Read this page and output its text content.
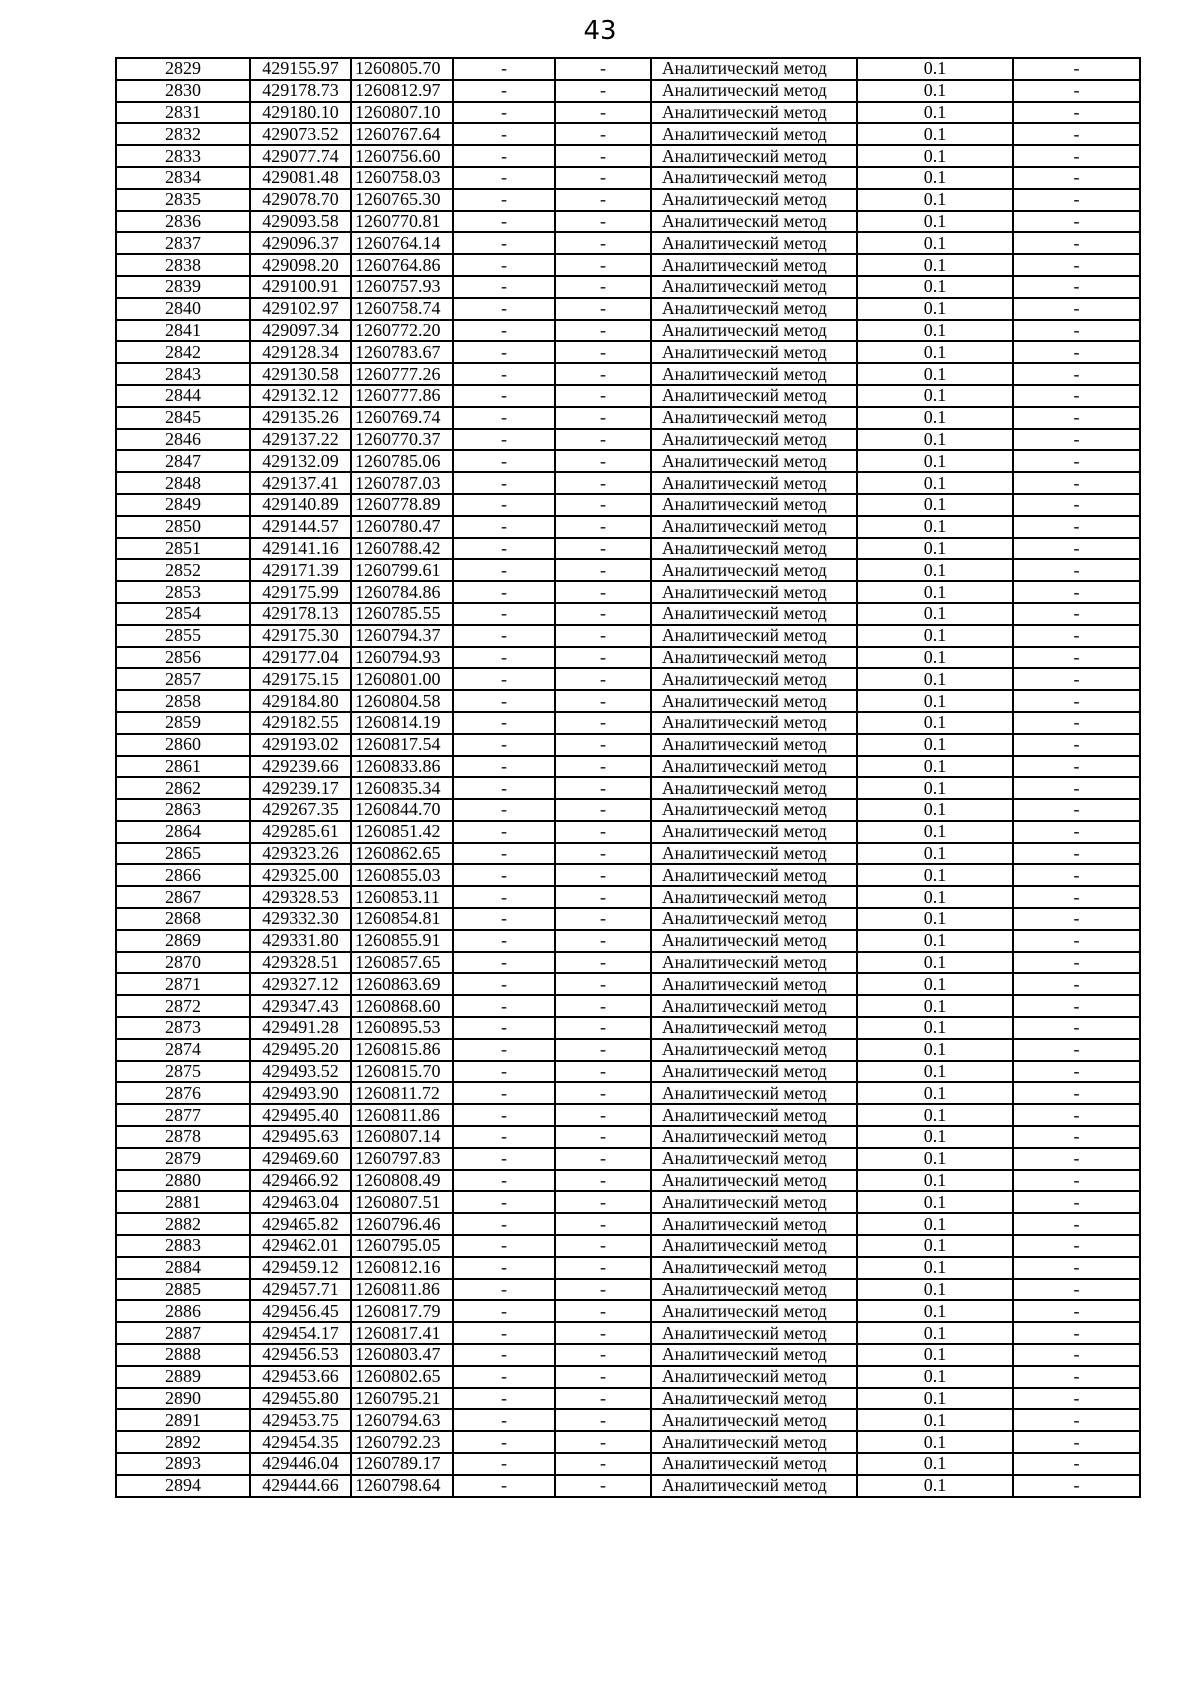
43
2829	429155.97	1260805.70	-	-	Аналитический метод	0.1	-
2830	429178.73	1260812.97	-	-	Аналитический метод	0.1	-
2831	429180.10	1260807.10	-	-	Аналитический метод	0.1	-
2832	429073.52	1260767.64	-	-	Аналитический метод	0.1	-
2833	429077.74	1260756.60	-	-	Аналитический метод	0.1	-
2834	429081.48	1260758.03	-	-	Аналитический метод	0.1	-
2835	429078.70	1260765.30	-	-	Аналитический метод	0.1	-
2836	429093.58	1260770.81	-	-	Аналитический метод	0.1	-
2837	429096.37	1260764.14	-	-	Аналитический метод	0.1	-
2838	429098.20	1260764.86	-	-	Аналитический метод	0.1	-
2839	429100.91	1260757.93	-	-	Аналитический метод	0.1	-
2840	429102.97	1260758.74	-	-	Аналитический метод	0.1	-
2841	429097.34	1260772.20	-	-	Аналитический метод	0.1	-
2842	429128.34	1260783.67	-	-	Аналитический метод	0.1	-
2843	429130.58	1260777.26	-	-	Аналитический метод	0.1	-
2844	429132.12	1260777.86	-	-	Аналитический метод	0.1	-
2845	429135.26	1260769.74	-	-	Аналитический метод	0.1	-
2846	429137.22	1260770.37	-	-	Аналитический метод	0.1	-
2847	429132.09	1260785.06	-	-	Аналитический метод	0.1	-
2848	429137.41	1260787.03	-	-	Аналитический метод	0.1	-
2849	429140.89	1260778.89	-	-	Аналитический метод	0.1	-
2850	429144.57	1260780.47	-	-	Аналитический метод	0.1	-
2851	429141.16	1260788.42	-	-	Аналитический метод	0.1	-
2852	429171.39	1260799.61	-	-	Аналитический метод	0.1	-
2853	429175.99	1260784.86	-	-	Аналитический метод	0.1	-
2854	429178.13	1260785.55	-	-	Аналитический метод	0.1	-
2855	429175.30	1260794.37	-	-	Аналитический метод	0.1	-
2856	429177.04	1260794.93	-	-	Аналитический метод	0.1	-
2857	429175.15	1260801.00	-	-	Аналитический метод	0.1	-
2858	429184.80	1260804.58	-	-	Аналитический метод	0.1	-
2859	429182.55	1260814.19	-	-	Аналитический метод	0.1	-
2860	429193.02	1260817.54	-	-	Аналитический метод	0.1	-
2861	429239.66	1260833.86	-	-	Аналитический метод	0.1	-
2862	429239.17	1260835.34	-	-	Аналитический метод	0.1	-
2863	429267.35	1260844.70	-	-	Аналитический метод	0.1	-
2864	429285.61	1260851.42	-	-	Аналитический метод	0.1	-
2865	429323.26	1260862.65	-	-	Аналитический метод	0.1	-
2866	429325.00	1260855.03	-	-	Аналитический метод	0.1	-
2867	429328.53	1260853.11	-	-	Аналитический метод	0.1	-
2868	429332.30	1260854.81	-	-	Аналитический метод	0.1	-
2869	429331.80	1260855.91	-	-	Аналитический метод	0.1	-
2870	429328.51	1260857.65	-	-	Аналитический метод	0.1	-
2871	429327.12	1260863.69	-	-	Аналитический метод	0.1	-
2872	429347.43	1260868.60	-	-	Аналитический метод	0.1	-
2873	429491.28	1260895.53	-	-	Аналитический метод	0.1	-
2874	429495.20	1260815.86	-	-	Аналитический метод	0.1	-
2875	429493.52	1260815.70	-	-	Аналитический метод	0.1	-
2876	429493.90	1260811.72	-	-	Аналитический метод	0.1	-
2877	429495.40	1260811.86	-	-	Аналитический метод	0.1	-
2878	429495.63	1260807.14	-	-	Аналитический метод	0.1	-
2879	429469.60	1260797.83	-	-	Аналитический метод	0.1	-
2880	429466.92	1260808.49	-	-	Аналитический метод	0.1	-
2881	429463.04	1260807.51	-	-	Аналитический метод	0.1	-
2882	429465.82	1260796.46	-	-	Аналитический метод	0.1	-
2883	429462.01	1260795.05	-	-	Аналитический метод	0.1	-
2884	429459.12	1260812.16	-	-	Аналитический метод	0.1	-
2885	429457.71	1260811.86	-	-	Аналитический метод	0.1	-
2886	429456.45	1260817.79	-	-	Аналитический метод	0.1	-
2887	429454.17	1260817.41	-	-	Аналитический метод	0.1	-
2888	429456.53	1260803.47	-	-	Аналитический метод	0.1	-
2889	429453.66	1260802.65	-	-	Аналитический метод	0.1	-
2890	429455.80	1260795.21	-	-	Аналитический метод	0.1	-
2891	429453.75	1260794.63	-	-	Аналитический метод	0.1	-
2892	429454.35	1260792.23	-	-	Аналитический метод	0.1	-
2893	429446.04	1260789.17	-	-	Аналитический метод	0.1	-
2894	429444.66	1260798.64	-	-	Аналитический метод	0.1	-
